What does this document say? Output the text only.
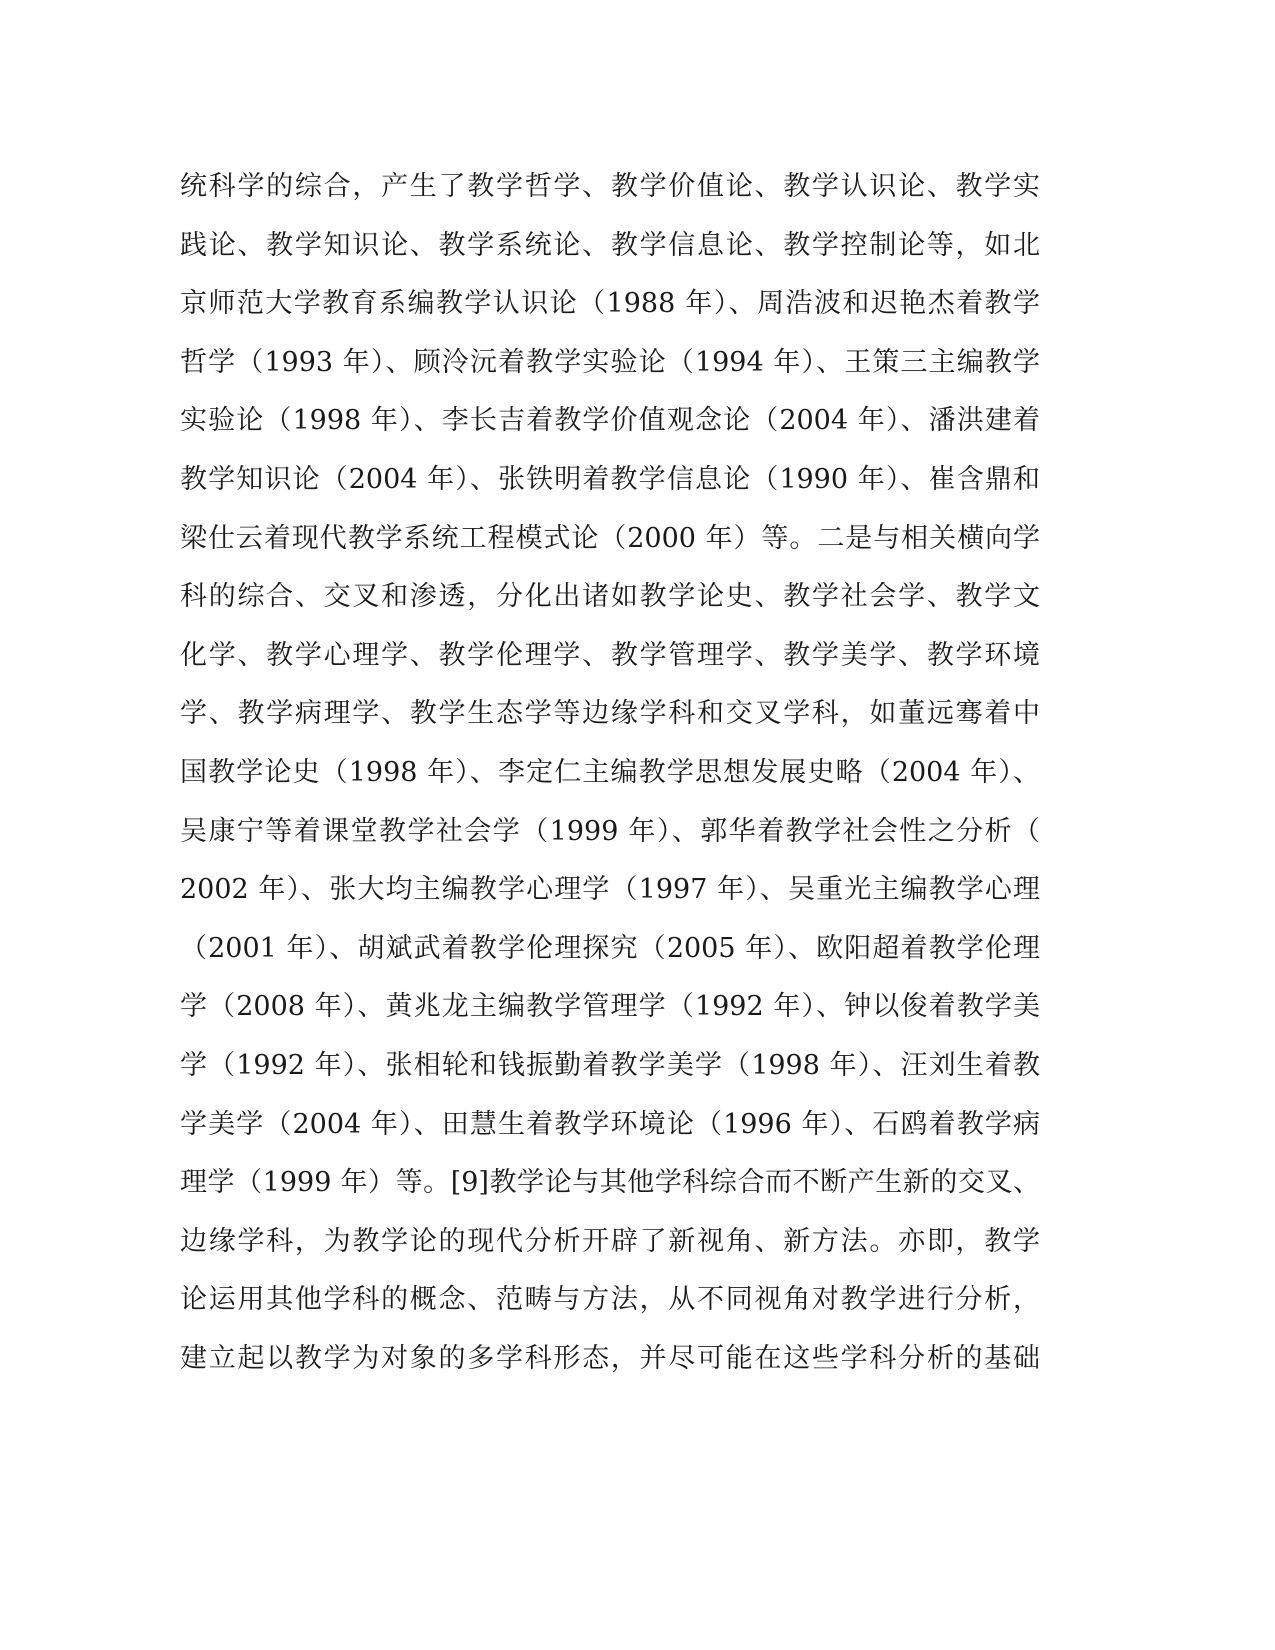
统科学的综合，产生了教学哲学、教学价值论、教学认识论、教学实
践论、教学知识论、教学系统论、教学信息论、教学控制论等，如北
京师范大学教育系编教学认识论（1988 年）、周浩波和迟艳杰着教学
哲学（1993 年）、顾泠沅着教学实验论（1994 年）、王策三主编教学
实验论（1998 年）、李长吉着教学价值观念论（2004 年）、潘洪建着
教学知识论（2004 年）、张铁明着教学信息论（1990 年）、崔含鼎和
梁仕云着现代教学系统工程模式论（2000 年）等。二是与相关横向学
科的综合、交叉和渗透，分化出诸如教学论史、教学社会学、教学文
化学、教学心理学、教学伦理学、教学管理学、教学美学、教学环境
学、教学病理学、教学生态学等边缘学科和交叉学科，如董远骞着中
国教学论史（1998 年）、李定仁主编教学思想发展史略（2004 年）、
吴康宁等着课堂教学社会学（1999 年）、郭华着教学社会性之分析（
2002 年）、张大均主编教学心理学（1997 年）、吴重光主编教学心理
（2001 年）、胡斌武着教学伦理探究（2005 年）、欧阳超着教学伦理
学（2008 年）、黄兆龙主编教学管理学（1992 年）、钟以俊着教学美
学（1992 年）、张相轮和钱振勤着教学美学（1998 年）、汪刘生着教
学美学（2004 年）、田慧生着教学环境论（1996 年）、石鸥着教学病
理学（1999 年）等。[9]教学论与其他学科综合而不断产生新的交叉、
边缘学科，为教学论的现代分析开辟了新视角、新方法。亦即，教学
论运用其他学科的概念、范畴与方法，从不同视角对教学进行分析，
建立起以教学为对象的多学科形态，并尽可能在这些学科分析的基础
